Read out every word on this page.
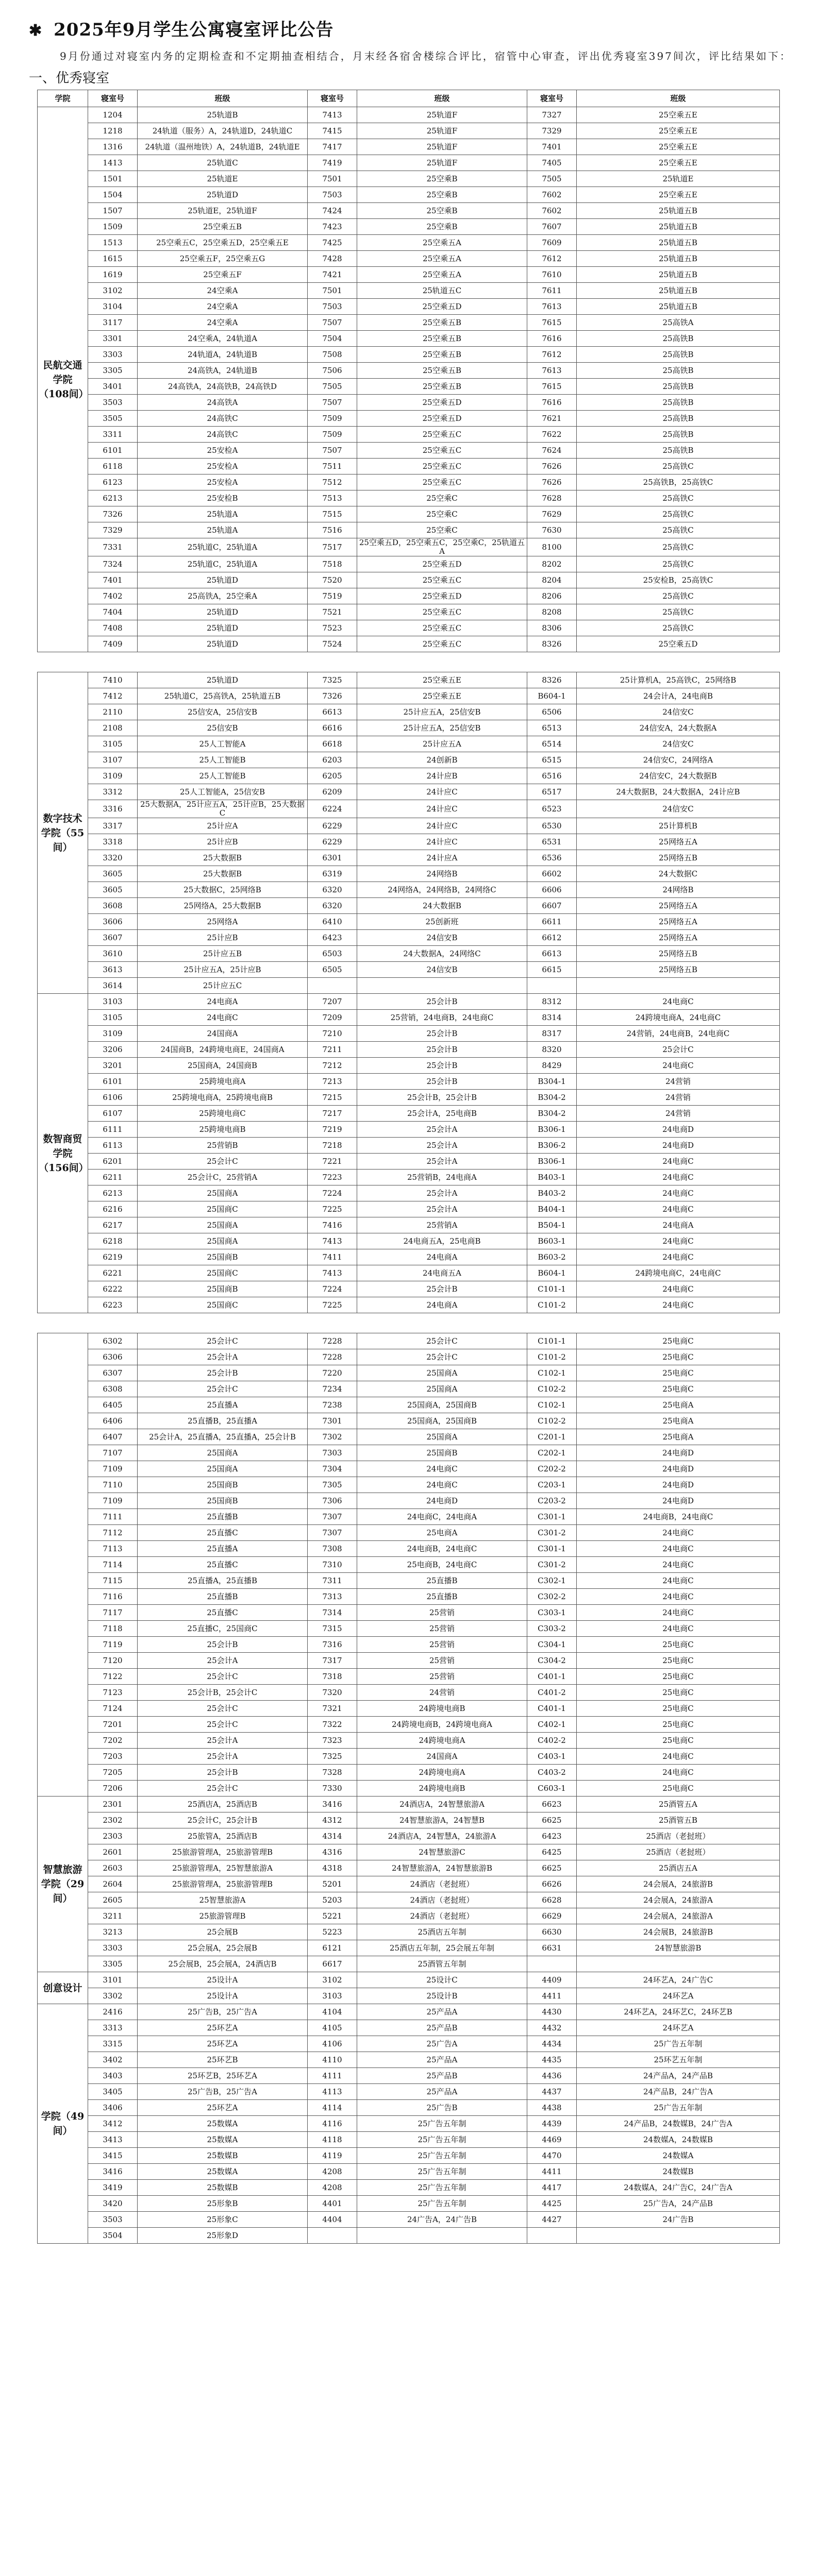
✱ 2025年9月学生公寓寝室评比公告

9月份通过对寝室内务的定期检查和不定期抽查相结合，月末经各宿舍楼综合评比，宿管中心审查，评出优秀寝室397间次，评比结果如下：

一、优秀寝室
学院	寝室号	班级	寝室号	班级	寝室号	班级
民航交通学院（108间）	1204	25轨道B	7413	25轨道F	7327	25空乘五E
	1218	24轨道（服务）A，24轨道D，24轨道C	7415	25轨道F	7329	25空乘五E
	1316	24轨道（温州地铁）A，24轨道B，24轨道E	7417	25轨道F	7401	25空乘五E
	1413	25轨道C	7419	25轨道F	7405	25空乘五E
	1501	25轨道E	7501	25空乘B	7505	25轨道E
	1504	25轨道D	7503	25空乘B	7602	25空乘五E
	1507	25轨道E，25轨道F	7424	25空乘B	7602	25轨道五B
	1509	25空乘五B	7423	25空乘B	7607	25轨道五B
	1513	25空乘五C，25空乘五D，25空乘五E	7425	25空乘五A	7609	25轨道五B
	1615	25空乘五F，25空乘五G	7428	25空乘五A	7612	25轨道五B
	1619	25空乘五F	7421	25空乘五A	7610	25轨道五B
	3102	24空乘A	7501	25轨道五C	7611	25轨道五B
	3104	24空乘A	7503	25空乘五D	7613	25轨道五B
	3117	24空乘A	7507	25空乘五B	7615	25高铁A
	3301	24空乘A，24轨道A	7504	25空乘五B	7616	25高铁B
	3303	24轨道A，24轨道B	7508	25空乘五B	7612	25高铁B
	3305	24高铁A，24轨道B	7506	25空乘五B	7613	25高铁B
	3401	24高铁A，24高铁B，24高铁D	7505	25空乘五B	7615	25高铁B
	3503	24高铁A	7507	25空乘五D	7616	25高铁B
	3505	24高铁C	7509	25空乘五D	7621	25高铁B
	3311	24高铁C	7509	25空乘五C	7622	25高铁B
	6101	25安检A	7507	25空乘五C	7624	25高铁B
	6118	25安检A	7511	25空乘五C	7626	25高铁C
	6123	25安检A	7512	25空乘五C	7626	25高铁B，25高铁C
	6213	25安检B	7513	25空乘C	7628	25高铁C
	7326	25轨道A	7515	25空乘C	7629	25高铁C
	7329	25轨道A	7516	25空乘C	7630	25高铁C
	7331	25轨道C，25轨道A	7517	25空乘五D，25空乘五C，25空乘C，25轨道五A	8100	25高铁C
	7324	25轨道C，25轨道A	7518	25空乘五D	8202	25高铁C
	7401	25轨道D	7520	25空乘五C	8204	25安检B，25高铁C
	7402	25高铁A，25空乘A	7519	25空乘五D	8206	25高铁C
	7404	25轨道D	7521	25空乘五C	8208	25高铁C
	7408	25轨道D	7523	25空乘五C	8306	25高铁C
	7409	25轨道D	7524	25空乘五C	8326	25空乘五D

数字技术学院（55间）	7410	25轨道D	7325	25空乘五E	8326	25计算机A，25高铁C，25网络B
	7412	25轨道C，25高铁A，25轨道五B	7326	25空乘五E	B604-1	24会计A，24电商B
	2110	25信安A，25信安B	6613	25计应五A，25信安B	6506	24信安C
	2108	25信安B	6616	25计应五A，25信安B	6513	24信安A，24大数据A
	3105	25人工智能A	6618	25计应五A	6514	24信安C
	3107	25人工智能B	6203	24创新B	6515	24信安C，24网络A
	3109	25人工智能B	6205	24计应B	6516	24信安C，24大数据B
	3312	25人工智能A，25信安B	6209	24计应C	6517	24大数据B，24大数据A，24计应B
	3316	25大数据A，25计应五A，25计应B，25大数据C	6224	24计应C	6523	24信安C
	3317	25计应A	6229	24计应C	6530	25计算机B
	3318	25计应B	6229	24计应C	6531	25网络五A
	3320	25大数据B	6301	24计应A	6536	25网络五B
	3605	25大数据B	6319	24网络B	6602	24大数据C
	3605	25大数据C，25网络B	6320	24网络A，24网络B，24网络C	6606	24网络B
	3608	25网络A，25大数据B	6320	24大数据B	6607	25网络五A
	3606	25网络A	6410	25创新班	6611	25网络五A
	3607	25计应B	6423	24信安B	6612	25网络五A
	3610	25计应五B	6503	24大数据A，24网络C	6613	25网络五B
	3613	25计应五A，25计应B	6505	24信安B	6615	25网络五B
	3614	25计应五C				
数智商贸学院（156间）	3103	24电商A	7207	25会计B	8312	24电商C
	3105	24电商C	7209	25营销，24电商B，24电商C	8314	24跨境电商A，24电商C
	3109	24国商A	7210	25会计B	8317	24营销，24电商B，24电商C
	3206	24国商B，24跨境电商E，24国商A	7211	25会计B	8320	25会计C
	3201	25国商A，24国商B	7212	25会计B	8429	24电商C
	6101	25跨境电商A	7213	25会计B	B304-1	24营销
	6106	25跨境电商A，25跨境电商B	7215	25会计B，25会计B	B304-2	24营销
	6107	25跨境电商C	7217	25会计A，25电商B	B304-2	24营销
	6111	25跨境电商B	7219	25会计A	B306-1	24电商D
	6113	25营销B	7218	25会计A	B306-2	24电商D
	6201	25会计C	7221	25会计A	B306-1	24电商C
	6211	25会计C，25营销A	7223	25营销B，24电商A	B403-1	24电商C
	6213	25国商A	7224	25会计A	B403-2	24电商C
	6216	25国商C	7225	25会计A	B404-1	24电商C
	6217	25国商A	7416	25营销A	B504-1	24电商A
	6218	25国商A	7413	24电商五A，25电商B	B603-1	24电商C
	6219	25国商B	7411	24电商A	B603-2	24电商C
	6221	25国商C	7413	24电商五A	B604-1	24跨境电商C，24电商C
	6222	25国商B	7224	25会计B	C101-1	24电商C
	6223	25国商C	7225	24电商A	C101-2	24电商C

	6302	25会计C	7228	25会计C	C101-1	25电商C
	6306	25会计A	7228	25会计C	C101-2	25电商C
	6307	25会计B	7220	25国商A	C102-1	25电商C
	6308	25会计C	7234	25国商A	C102-2	25电商C
	6405	25直播A	7238	25国商A，25国商B	C102-1	25电商A
	6406	25直播B，25直播A	7301	25国商A，25国商B	C102-2	25电商A
	6407	25会计A，25直播A，25直播A，25会计B	7302	25国商A	C201-1	25电商A
	7107	25国商A	7303	25国商B	C202-1	24电商D
	7109	25国商A	7304	24电商C	C202-2	24电商D
	7110	25国商B	7305	24电商C	C203-1	24电商D
	7109	25国商B	7306	24电商D	C203-2	24电商D
	7111	25直播B	7307	24电商C，24电商A	C301-1	24电商B，24电商C
	7112	25直播C	7307	25电商A	C301-2	24电商C
	7113	25直播A	7308	24电商B，24电商C	C301-1	24电商C
	7114	25直播C	7310	25电商B，24电商C	C301-2	24电商C
	7115	25直播A，25直播B	7311	25直播B	C302-1	24电商C
	7116	25直播B	7313	25直播B	C302-2	24电商C
	7117	25直播C	7314	25营销	C303-1	24电商C
	7118	25直播C，25国商C	7315	25营销	C303-2	24电商C
	7119	25会计B	7316	25营销	C304-1	25电商C
	7120	25会计A	7317	25营销	C304-2	25电商C
	7122	25会计C	7318	25营销	C401-1	25电商C
	7123	25会计B，25会计C	7320	24营销	C401-2	25电商C
	7124	25会计C	7321	24跨境电商B	C401-1	25电商C
	7201	25会计C	7322	24跨境电商B，24跨境电商A	C402-1	25电商C
	7202	25会计A	7323	24跨境电商A	C402-2	25电商C
	7203	25会计A	7325	24国商A	C403-1	24电商C
	7205	25会计B	7328	24跨境电商A	C403-2	24电商C
	7206	25会计C	7330	24跨境电商B	C603-1	25电商C
智慧旅游学院（29间）	2301	25酒店A，25酒店B	3416	24酒店A，24智慧旅游A	6623	25酒管五A
	2302	25会计C，25会计B	4312	24智慧旅游A，24智慧B	6625	25酒管五B
	2303	25旅管A，25酒店B	4314	24酒店A，24智慧A，24旅游A	6423	25酒店（老挝班）
	2601	25旅游管理A，25旅游管理B	4316	24智慧旅游C	6425	25酒店（老挝班）
	2603	25旅游管理A，25智慧旅游A	4318	24智慧旅游A，24智慧旅游B	6625	25酒店五A
	2604	25旅游管理A，25旅游管理B	5201	24酒店（老挝班）	6626	24会展A，24旅游B
	2605	25智慧旅游A	5203	24酒店（老挝班）	6628	24会展A，24旅游A
	3211	25旅游管理B	5221	24酒店（老挝班）	6629	24会展A，24旅游A
	3213	25会展B	5223	25酒店五年制	6630	24会展B，24旅游B
	3303	25会展A，25会展B	6121	25酒店五年制，25会展五年制	6631	24智慧旅游B
	3305	25会展B，25会展A，24酒店B	6617	25酒管五年制		
创意设计	3101	25设计A	3102	25设计C	4409	24环艺A，24广告C
	3302	25设计A	3103	25设计B	4411	24环艺A
学院（49间）	2416	25广告B，25广告A	4104	25产品A	4430	24环艺A，24环艺C，24环艺B
	3313	25环艺A	4105	25产品B	4432	24环艺A
	3315	25环艺A	4106	25广告A	4434	25广告五年制
	3402	25环艺B	4110	25产品A	4435	25环艺五年制
	3403	25环艺B，25环艺A	4111	25产品B	4436	24产品A，24产品B
	3405	25广告B，25广告A	4113	25产品A	4437	24产品B，24广告A
	3406	25环艺A	4114	25广告B	4438	25广告五年制
	3412	25数媒A	4116	25广告五年制	4439	24产品B，24数媒B，24广告A
	3413	25数媒A	4118	25广告五年制	4469	24数媒A，24数媒B
	3415	25数媒B	4119	25广告五年制	4470	24数媒A
	3416	25数媒A	4208	25广告五年制	4411	24数媒B
	3419	25数媒B	4208	25广告五年制	4417	24数媒A，24广告C，24广告A
	3420	25形象B	4401	25广告五年制	4425	25广告A，24产品B
	3503	25形象C	4404	24广告A，24广告B	4427	24广告B
	3504	25形象D				
